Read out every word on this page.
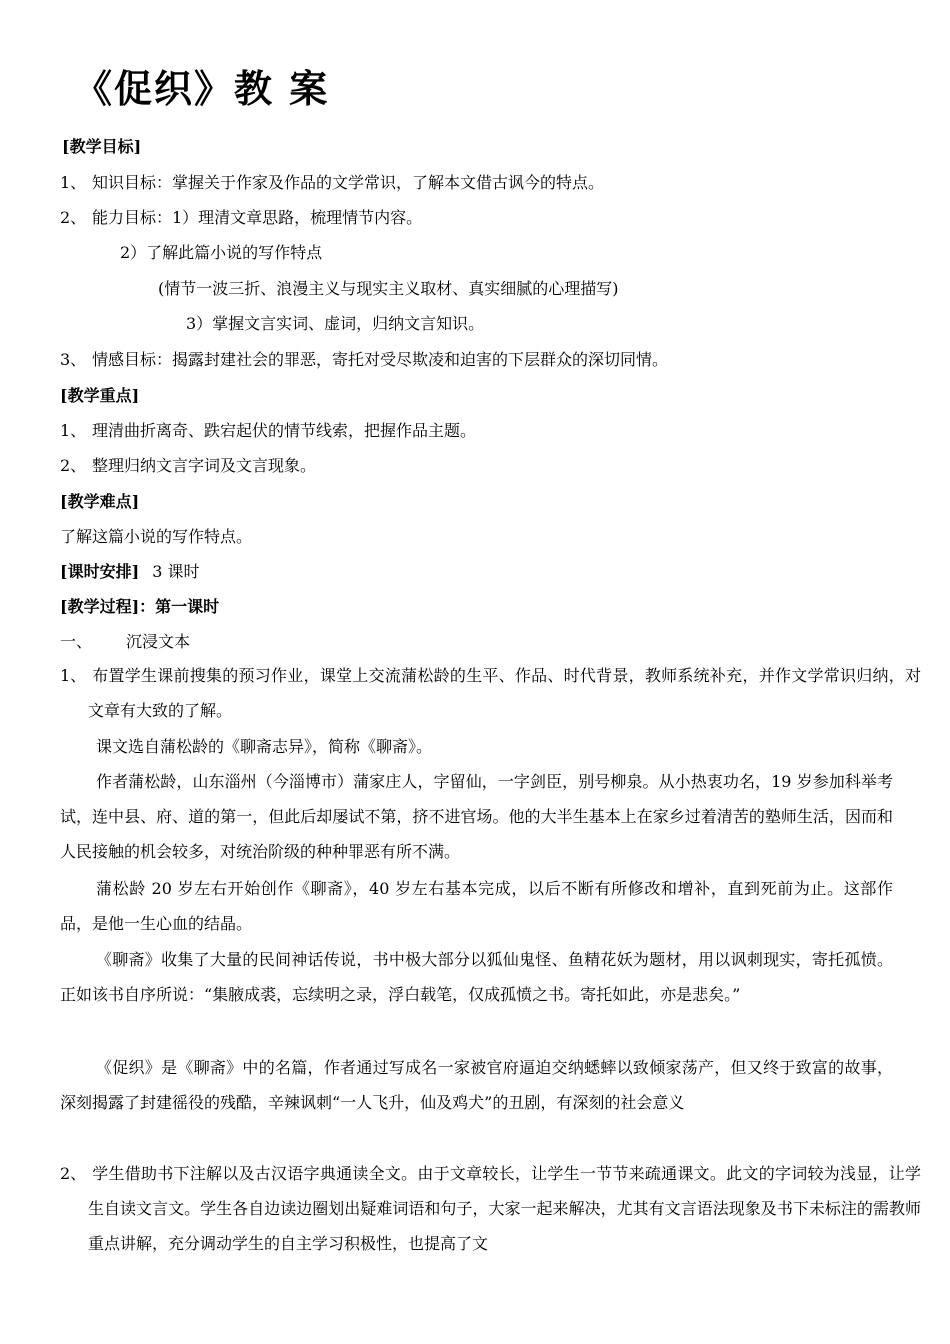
《促织》教 案
[教学目标]
1、 知识目标：掌握关于作家及作品的文学常识，了解本文借古讽今的特点。
2、 能力目标：1）理清文章思路，梳理情节内容。
2）了解此篇小说的写作特点
(情节一波三折、浪漫主义与现实主义取材、真实细腻的心理描写)
3）掌握文言实词、虚词，归纳文言知识。
3、 情感目标：揭露封建社会的罪恶，寄托对受尽欺凌和迫害的下层群众的深切同情。
[教学重点]
1、 理清曲折离奇、跌宕起伏的情节线索，把握作品主题。
2、 整理归纳文言字词及文言现象。
[教学难点]
了解这篇小说的写作特点。
[课时安排] 3 课时
[教学过程]：第一课时
一、 沉浸文本
1、 布置学生课前搜集的预习作业，课堂上交流蒲松龄的生平、作品、时代背景，教师系统补充，并作文学常识归纳，对文章有大致的了解。
课文选自蒲松龄的《聊斋志异》，简称《聊斋》。
作者蒲松龄，山东淄州（今淄博市）蒲家庄人，字留仙，一字剑臣，别号柳泉。从小热衷功名，19 岁参加科举考试，连中县、府、道的第一，但此后却屡试不第，挤不进官场。他的大半生基本上在家乡过着清苦的塾师生活，因而和人民接触的机会较多，对统治阶级的种种罪恶有所不满。
蒲松龄 20 岁左右开始创作《聊斋》，40 岁左右基本完成，以后不断有所修改和增补，直到死前为止。这部作品，是他一生心血的结晶。
《聊斋》收集了大量的民间神话传说，书中极大部分以狐仙鬼怪、鱼精花妖为题材，用以讽刺现实，寄托孤愤。正如该书自序所说：“集腋成裘，忘续明之录，浮白载笔，仅成孤愤之书。寄托如此，亦是悲矣。”
《促织》是《聊斋》中的名篇，作者通过写成名一家被官府逼迫交纳蟋蟀以致倾家荡产，但又终于致富的故事，深刻揭露了封建徭役的残酷，辛辣讽刺“一人飞升，仙及鸡犬”的丑剧，有深刻的社会意义
2、 学生借助书下注解以及古汉语字典通读全文。由于文章较长，让学生一节节来疏通课文。此文的字词较为浅显，让学生自读文言文。学生各自边读边圈划出疑难词语和句子，大家一起来解决，尤其有文言语法现象及书下未标注的需教师重点讲解，充分调动学生的自主学习积极性，也提高了文
